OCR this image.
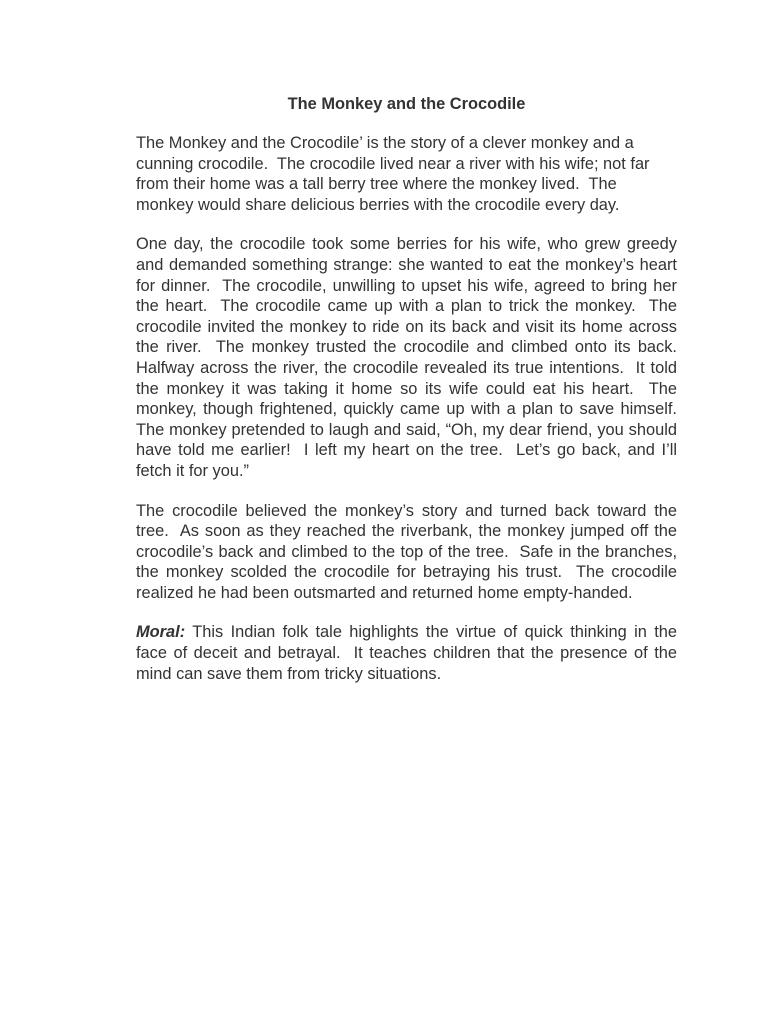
The Monkey and the Crocodile

The Monkey and the Crocodile’ is the story of a clever monkey and a cunning crocodile.  The crocodile lived near a river with his wife; not far from their home was a tall berry tree where the monkey lived.  The monkey would share delicious berries with the crocodile every day.

One day, the crocodile took some berries for his wife, who grew greedy and demanded something strange: she wanted to eat the monkey’s heart for dinner.  The crocodile, unwilling to upset his wife, agreed to bring her the heart.  The crocodile came up with a plan to trick the monkey.  The crocodile invited the monkey to ride on its back and visit its home across the river.  The monkey trusted the crocodile and climbed onto its back.  Halfway across the river, the crocodile revealed its true intentions.  It told the monkey it was taking it home so its wife could eat his heart.  The monkey, though frightened, quickly came up with a plan to save himself.  The monkey pretended to laugh and said, “Oh, my dear friend, you should have told me earlier!  I left my heart on the tree.  Let’s go back, and I’ll fetch it for you.”

The crocodile believed the monkey’s story and turned back toward the tree.  As soon as they reached the riverbank, the monkey jumped off the crocodile’s back and climbed to the top of the tree.  Safe in the branches, the monkey scolded the crocodile for betraying his trust.  The crocodile realized he had been outsmarted and returned home empty-handed.

Moral: This Indian folk tale highlights the virtue of quick thinking in the face of deceit and betrayal.  It teaches children that the presence of the mind can save them from tricky situations.
